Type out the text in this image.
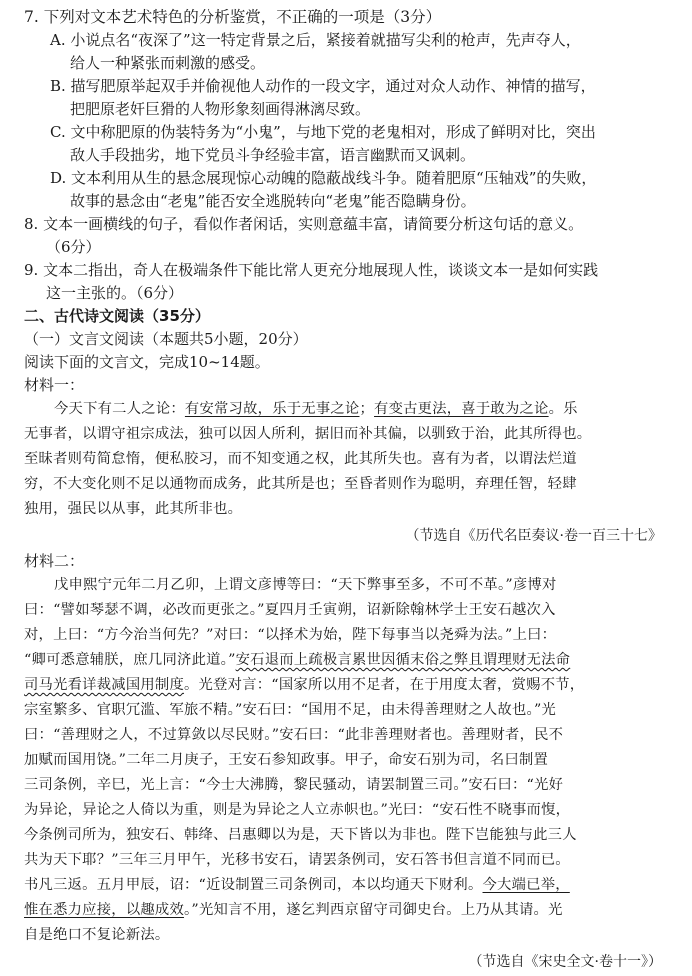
7. 下列对文本艺术特色的分析鉴赏，不正确的一项是（3分）

A. 小说点名“夜深了”这一特定背景之后，紧接着就描写尖利的枪声，先声夺人，
给人一种紧张而刺激的感受。

B. 描写肥原举起双手并偷视他人动作的一段文字，通过对众人动作、神情的描写，
把肥原老奸巨猾的人物形象刻画得淋漓尽致。

C. 文中称肥原的伪装特务为“小鬼”，与地下党的老鬼相对，形成了鲜明对比，突出
敌人手段拙劣，地下党员斗争经验丰富，语言幽默而又讽刺。

D. 文本利用从生的悬念展现惊心动魄的隐蔽战线斗争。随着肥原“压轴戏”的失败，
故事的悬念由“老鬼”能否安全逃脱转向“老鬼”能否隐瞒身份。

8. 文本一画横线的句子，看似作者闲话，实则意蕴丰富，请简要分析这句话的意义。

（6分）

9. 文本二指出，奇人在极端条件下能比常人更充分地展现人性，谈谈文本一是如何实践

这一主张的。（6分）

二、古代诗文阅读（35分）

（一）文言文阅读（本题共5小题，20分）

阅读下面的文言文，完成10~14题。

材料一：

今天下有二人之论：有安常习故，乐于无事之论；有变古更法，喜于敢为之论。乐

无事者，以谓守祖宗成法，独可以因人所利，据旧而补其偏，以驯致于治，此其所得也。

至昧者则苟简怠惰，便私胶习，而不知变通之权，此其所失也。喜有为者，以谓法烂道

穷，不大变化则不足以通物而成务，此其所是也；至昏者则作为聪明，弃理任智，轻肆

独用，强民以从事，此其所非也。

（节选自《历代名臣奏议·卷一百三十七》

材料二：

戊申熙宁元年二月乙卯，上谓文彦博等曰：“天下弊事至多，不可不革。”彦博对

曰：“譬如琴瑟不调，必改而更张之。”夏四月壬寅朔，诏新除翰林学士王安石越次入

对，上曰：“方今治当何先？”对曰：“以择术为始，陛下每事当以尧舜为法。”上曰：

“卿可悉意辅朕，庶几同济此道。”安石退而上疏极言累世因循末俗之弊且谓理财无法命

司马光看详裁减国用制度。光登对言：“国家所以用不足者，在于用度太奢，赏赐不节，

宗室繁多、官职冗滥、军旅不精。”安石曰：“国用不足，由未得善理财之人故也。”光

曰：“善理财之人，不过算敛以尽民财。”安石曰：“此非善理财者也。善理财者，民不

加赋而国用饶。”二年二月庚子，王安石参知政事。甲子，命安石别为司，名曰制置

三司条例，辛巳，光上言：“今士大沸腾，黎民骚动，请罢制置三司。”安石曰：“光好

为异论，异论之人倚以为重，则是为异论之人立赤帜也。”光曰：“安石性不晓事而愎，

今条例司所为，独安石、韩绛、吕惠卿以为是，天下皆以为非也。陛下岂能独与此三人

共为天下耶？”三年三月甲午，光移书安石，请罢条例司，安石答书但言道不同而已。

书凡三返。五月甲辰，诏：“近设制置三司条例司，本以均通天下财利。今大端已举，

惟在悉力应接，以趣成效。”光知言不用，遂乞判西京留守司御史台。上乃从其请。光

自是绝口不复论新法。

（节选自《宋史全文·卷十一》）
